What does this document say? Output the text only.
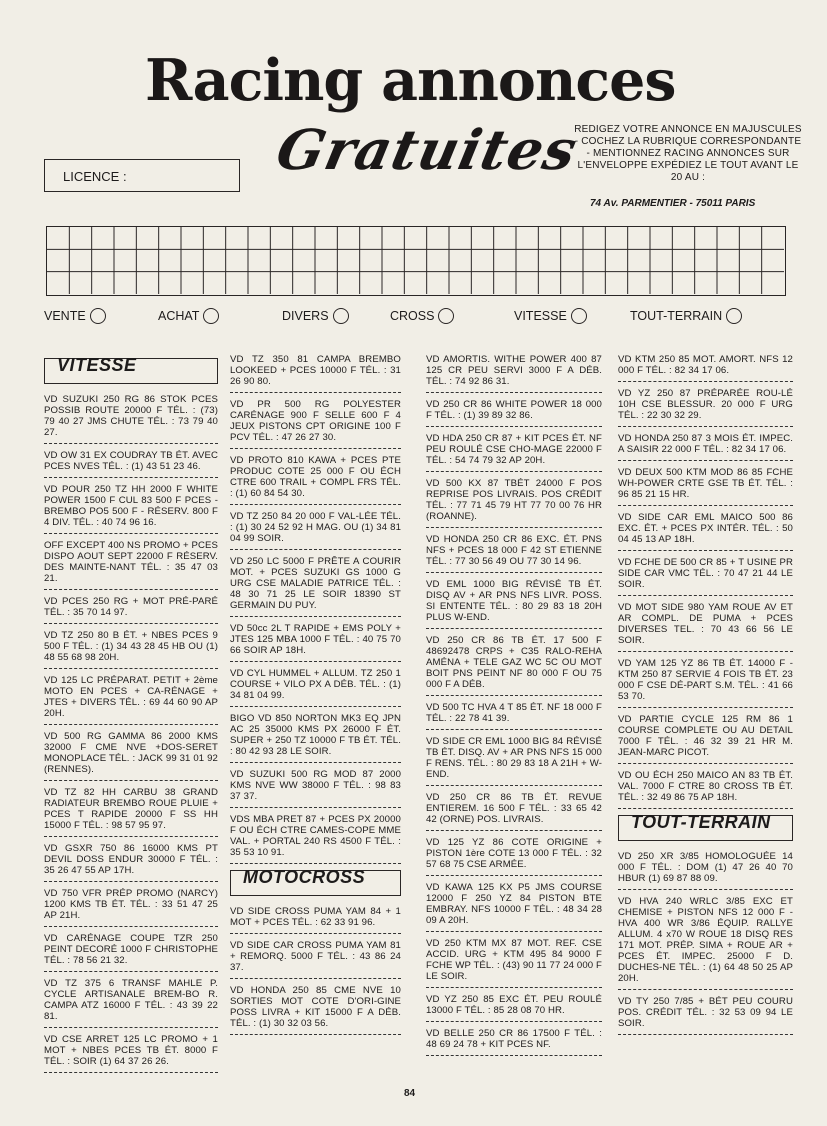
Racing annonces
Gratuites
LICENCE :
REDIGEZ VOTRE ANNONCE EN MAJUSCULES - COCHEZ LA RUBRIQUE CORRESPONDANTE - MENTIONNEZ RACING ANNONCES SUR L'ENVELOPPE EXPÉDIEZ LE TOUT AVANT LE 20 AU :
74 Av. PARMENTIER - 75011 PARIS
VENTE	ACHAT	DIVERS	CROSS	VITESSE	TOUT-TERRAIN
VITESSE
VD SUZUKI 250 RG 86 STOK PCES POSSIB ROUTE 20000 F TÉL. : (73) 79 40 27 JMS CHUTE TÉL. : 73 79 40 27.
VD OW 31 EX COUDRAY TB ÉT. AVEC PCES NVES TÉL. : (1) 43 51 23 46.
VD POUR 250 TZ HH 2000 F WHITE POWER 1500 F CUL 83 500 F PCES - BREMBO PO5 500 F - RÉSERV. 800 F 4 DIV. TÉL. : 40 74 96 16.
OFF EXCEPT 400 NS PROMO + PCES DISPO AOUT SEPT 22000 F RÉSERV. DES MAINTE-NANT TÉL. : 35 47 03 21.
VD PCES 250 RG + MOT PRÉ-PARÉ TÉL. : 35 70 14 97.
VD TZ 250 80 B ÉT. + NBES PCES 9 500 F TÉL. : (1) 34 43 28 45 HB OU (1) 48 55 68 98 20H.
VD 125 LC PRÉPARAT. PETIT + 2ème MOTO EN PCES + CA-RÉNAGE + JTES + DIVERS TÉL. : 69 44 60 90 AP 20H.
VD 500 RG GAMMA 86 2000 KMS 32000 F CME NVE +DOS-SERET MONOPLACE TÉL. : JACK 99 31 01 92 (RENNES).
VD TZ 82 HH CARBU 38 GRAND RADIATEUR BREMBO ROUE PLUIE + PCES T RAPIDE 20000 F SS HH 15000 F TÉL. : 98 57 95 97.
VD GSXR 750 86 16000 KMS PT DEVIL DOSS ENDUR 30000 F TÉL. : 35 26 47 55 AP 17H.
VD 750 VFR PRÉP PROMO (NARCY) 1200 KMS TB ÉT. TÉL. : 33 51 47 25 AP 21H.
VD CARÉNAGE COUPE TZR 250 PEINT DECORÉ 1000 F CHRISTOPHE TÉL. : 78 56 21 32.
VD TZ 375 6 TRANSF MAHLE P. CYCLE ARTISANALE BREM-BO R. CAMPA ATZ 16000 F TÉL. : 43 39 22 81.
VD CSE ARRET 125 LC PROMO + 1 MOT + NBES PCES TB ÉT. 8000 F TÉL. : SOIR (1) 64 37 26 26.
VD TZ 350 81 CAMPA BREMBO LOOKEED + PCES 10000 F TÉL. : 31 26 90 80.
VD PR 500 RG POLYESTER CARÉNAGE 900 F SELLE 600 F 4 JEUX PISTONS CPT ORIGINE 100 F PCV TÉL. : 47 26 27 30.
VD PROTO 810 KAWA + PCES PTE PRODUC COTE 25 000 F OU ÉCH CTRE 600 TRAIL + COMPL FRS TÉL. : (1) 60 84 54 30.
VD TZ 250 84 20 000 F VAL-LÉE TÉL. : (1) 30 24 52 92 H MAG. OU (1) 34 81 04 99 SOIR.
VD 250 LC 5000 F PRÊTE A COURIR MOT. + PCES SUZUKI GS 1000 G URG CSE MALADIE PATRICE TÉL. : 48 30 71 25 LE SOIR 18390 ST GERMAIN DU PUY.
VD 50cc 2L T RAPIDE + EMS POLY + JTES 125 MBA 1000 F TÉL. : 40 75 70 66 SOIR AP 18H.
VD CYL HUMMEL + ALLUM. TZ 250 1 COURSE + VILO PX A DÉB. TÉL. : (1) 34 81 04 99.
BIGO VD 850 NORTON MK3 EQ JPN AC 25 35000 KMS PX 26000 F ÉT. SUPER + 250 TZ 10000 F TB ÉT. TÉL. : 80 42 93 28 LE SOIR.
VD SUZUKI 500 RG MOD 87 2000 KMS NVE WW 38000 F TÉL. : 98 83 37 37.
VDS MBA PRET 87 + PCES PX 20000 F OU ÉCH CTRE CAMES-COPE MME VAL. + PORTAL 240 RS 4500 F TÉL. : 35 53 10 91.
MOTOCROSS
VD SIDE CROSS PUMA YAM 84 + 1 MOT + PCES TÉL. : 62 33 91 96.
VD SIDE CAR CROSS PUMA YAM 81 + REMORQ. 5000 F TÉL. : 43 86 24 37.
VD HONDA 250 85 CME NVE 10 SORTIES MOT COTE D'ORI-GINE POSS LIVRA + KIT 15000 F A DÉB. TÉL. : (1) 30 32 03 56.
VD AMORTIS. WITHE POWER 400 87 125 CR PEU SERVI 3000 F A DÉB. TÉL. : 74 92 86 31.
VD 250 CR 86 WHITE POWER 18 000 F TÉL. : (1) 39 89 32 86.
VD HDA 250 CR 87 + KIT PCES ÉT. NF PEU ROULÉ CSE CHO-MAGE 22000 F TÉL. : 54 74 79 32 AP 20H.
VD 500 KX 87 TBÉT 24000 F POS REPRISE POS LIVRAIS. POS CRÉDIT TÉL. : 77 71 45 79 HT 77 70 00 76 HR (ROANNE).
VD HONDA 250 CR 86 EXC. ÉT. PNS NFS + PCES 18 000 F 42 ST ETIENNE TÉL. : 77 30 56 49 OU 77 30 14 96.
VD EML 1000 BIG RÉVISÉ TB ÉT. DISQ AV + AR PNS NFS LIVR. POSS. SI ENTENTE TÉL. : 80 29 83 18 20H PLUS W-END.
VD 250 CR 86 TB ÉT. 17 500 F 48692478 CRPS + C35 RALO-REHA AMÉNA + TELE GAZ WC 5C OU MOT BOIT PNS PEINT NF 80 000 F OU 75 000 F A DÉB.
VD 500 TC HVA 4 T 85 ÉT. NF 18 000 F TÉL. : 22 78 41 39.
VD SIDE CR EML 1000 BIG 84 RÉVISÉ TB ÉT. DISQ. AV + AR PNS NFS 15 000 F RENS. TÉL. : 80 29 83 18 A 21H + W-END.
VD 250 CR 86 TB ÉT. REVUE ENTIEREM. 16 500 F TÉL. : 33 65 42 42 (ORNE) POS. LIVRAIS.
VD 125 YZ 86 COTE ORIGINE + PISTON 1ère COTE 13 000 F TÉL. : 32 57 68 75 CSE ARMÉE.
VD KAWA 125 KX P5 JMS COURSE 12000 F 250 YZ 84 PISTON BTE EMBRAY. NFS 10000 F TÉL. : 48 34 28 09 A 20H.
VD 250 KTM MX 87 MOT. REF. CSE ACCID. URG + KTM 495 84 9000 F FCHE WP TÉL. : (43) 90 11 77 24 000 F LE SOIR.
VD YZ 250 85 EXC ÉT. PEU ROULÉ 13000 F TÉL. : 85 28 08 70 HR.
VD BELLE 250 CR 86 17500 F TÉL. : 48 69 24 78 + KIT PCES NF.
VD KTM 250 85 MOT. AMORT. NFS 12 000 F TÉL. : 82 34 17 06.
VD YZ 250 87 PRÉPARÉE ROU-LÉ 10H CSE BLESSUR. 20 000 F URG TÉL. : 22 30 32 29.
VD HONDA 250 87 3 MOIS ÉT. IMPEC. A SAISIR 22 000 F TÉL. : 82 34 17 06.
VD DEUX 500 KTM MOD 86 85 FCHE WH-POWER CRTE GSE TB ÉT. TÉL. : 96 85 21 15 HR.
VD SIDE CAR EML MAICO 500 86 EXC. ÉT. + PCES PX INTÉR. TÉL. : 50 04 45 13 AP 18H.
VD FCHE DE 500 CR 85 + T USINE PR SIDE CAR VMC TÉL. : 70 47 21 44 LE SOIR.
VD MOT SIDE 980 YAM ROUE AV ET AR COMPL. DE PUMA + PCES DIVERSES TEL. : 70 43 66 56 LE SOIR.
VD YAM 125 YZ 86 TB ÉT. 14000 F - KTM 250 87 SERVIE 4 FOIS TB ÉT. 23 000 F CSE DÉ-PART S.M. TÉL. : 41 66 53 70.
VD PARTIE CYCLE 125 RM 86 1 COURSE COMPLETE OU AU DETAIL 7000 F TÉL. : 46 32 39 21 HR M. JEAN-MARC PICOT.
VD OU ÉCH 250 MAICO AN 83 TB ÉT. VAL. 7000 F CTRE 80 CROSS TB ÉT. TÉL. : 32 49 86 75 AP 18H.
TOUT-TERRAIN
VD 250 XR 3/85 HOMOLOGUÉE 14 000 F TÉL. : DOM (1) 47 26 40 70 HBUR (1) 69 87 88 09.
VD HVA 240 WRLC 3/85 EXC ET CHEMISE + PISTON NFS 12 000 F - HVA 400 WR 3/86 ÉQUIP. RALLYE ALLUM. 4 x70 W ROUE 18 DISQ RES 171 MOT. PRÉP. SIMA + ROUE AR + PCES ÉT. IMPEC. 25000 F D. DUCHES-NE TÉL. : (1) 64 48 50 25 AP 20H.
VD TY 250 7/85 + BÉT PEU COURU POS. CRÉDIT TÉL. : 32 53 09 94 LE SOIR.
84
